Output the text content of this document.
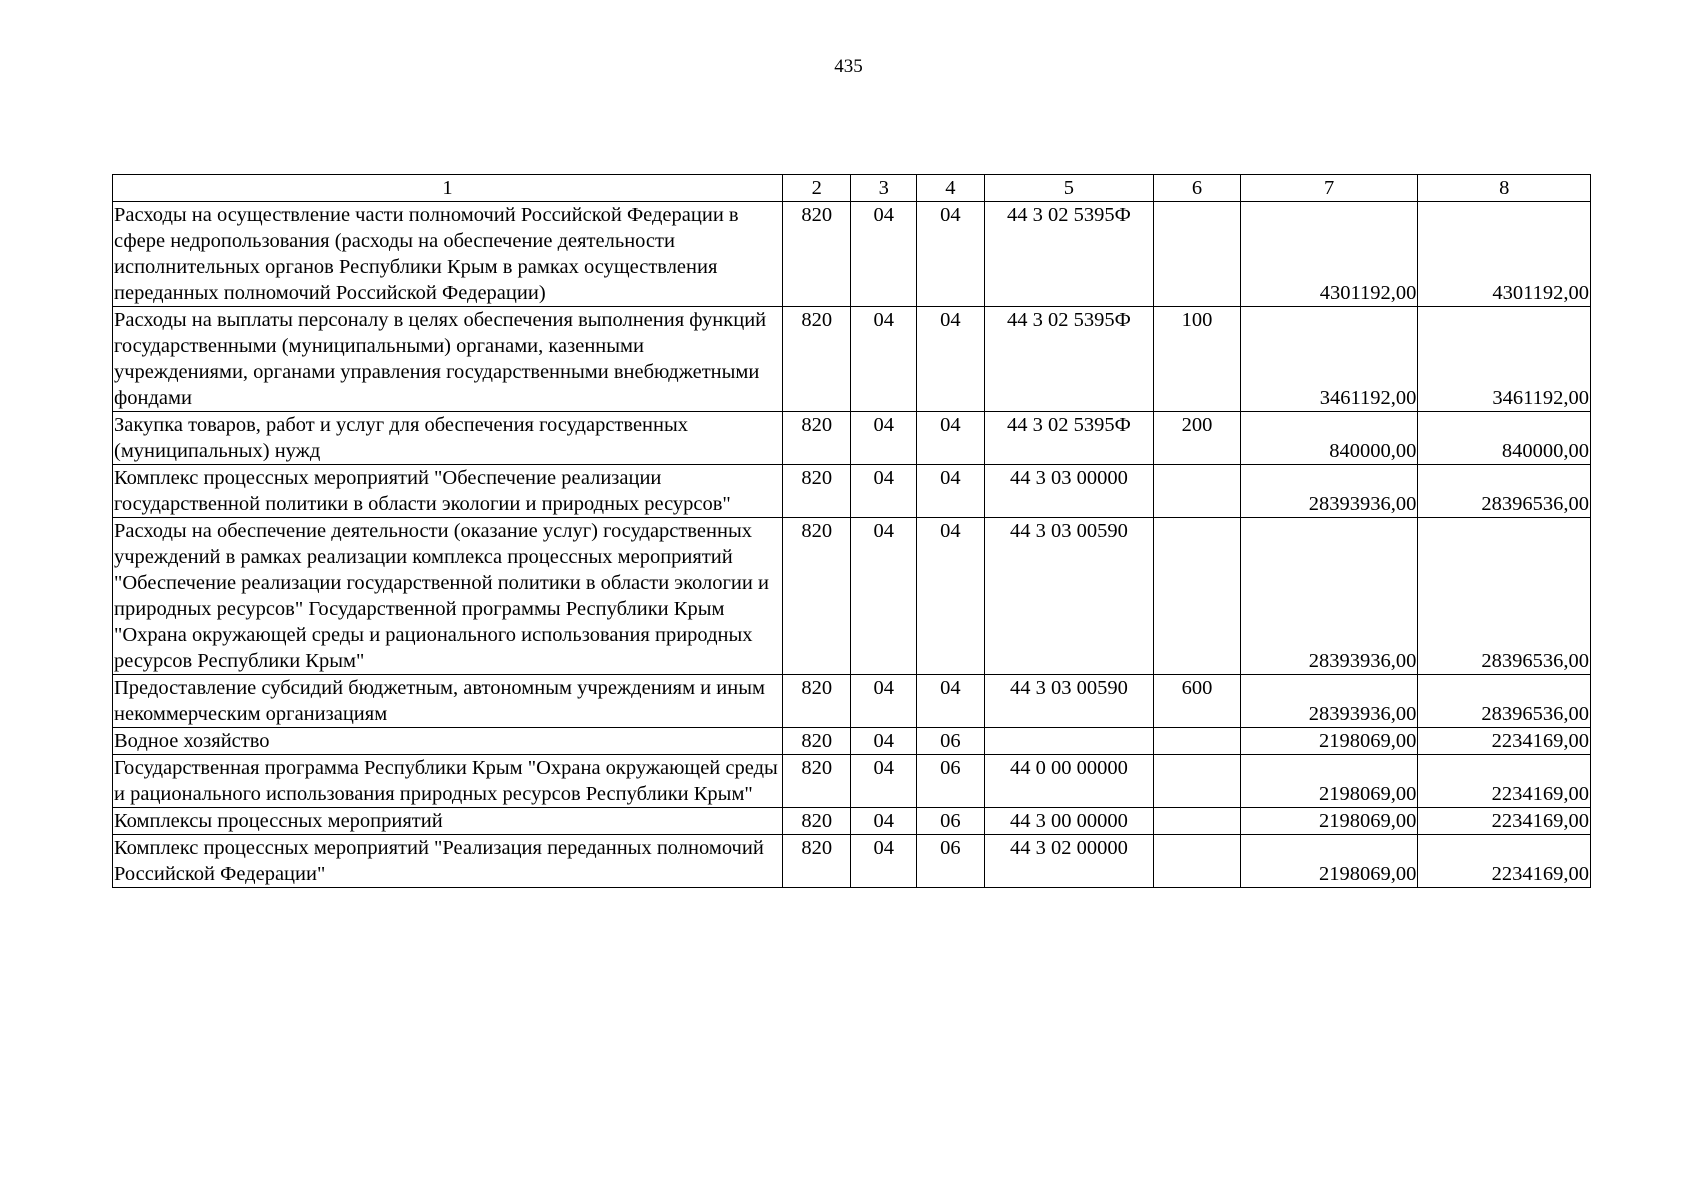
435
1	2	3	4	5	6	7	8
Расходы на осуществление части полномочий Российской Федерации в сфере недропользования (расходы на обеспечение деятельности исполнительных органов Республики Крым в рамках осуществления переданных полномочий Российской Федерации)	820	04	04	44 3 02 5395Ф		4301192,00	4301192,00
Расходы на выплаты персоналу в целях обеспечения выполнения функций государственными (муниципальными) органами, казенными учреждениями, органами управления государственными внебюджетными фондами	820	04	04	44 3 02 5395Ф	100	3461192,00	3461192,00
Закупка товаров, работ и услуг для обеспечения государственных (муниципальных) нужд	820	04	04	44 3 02 5395Ф	200	840000,00	840000,00
Комплекс процессных мероприятий "Обеспечение реализации государственной политики в области экологии и природных ресурсов"	820	04	04	44 3 03 00000		28393936,00	28396536,00
Расходы на обеспечение деятельности (оказание услуг) государственных учреждений в рамках реализации комплекса процессных мероприятий "Обеспечение реализации государственной политики в области экологии и природных ресурсов" Государственной программы Республики Крым "Охрана окружающей среды и рационального использования природных ресурсов Республики Крым"	820	04	04	44 3 03 00590		28393936,00	28396536,00
Предоставление субсидий бюджетным, автономным учреждениям и иным некоммерческим организациям	820	04	04	44 3 03 00590	600	28393936,00	28396536,00
Водное хозяйство	820	04	06			2198069,00	2234169,00
Государственная программа Республики Крым "Охрана окружающей среды и рационального использования природных ресурсов Республики Крым"	820	04	06	44 0 00 00000		2198069,00	2234169,00
Комплексы процессных мероприятий	820	04	06	44 3 00 00000		2198069,00	2234169,00
Комплекс процессных мероприятий "Реализация переданных полномочий Российской Федерации"	820	04	06	44 3 02 00000		2198069,00	2234169,00
